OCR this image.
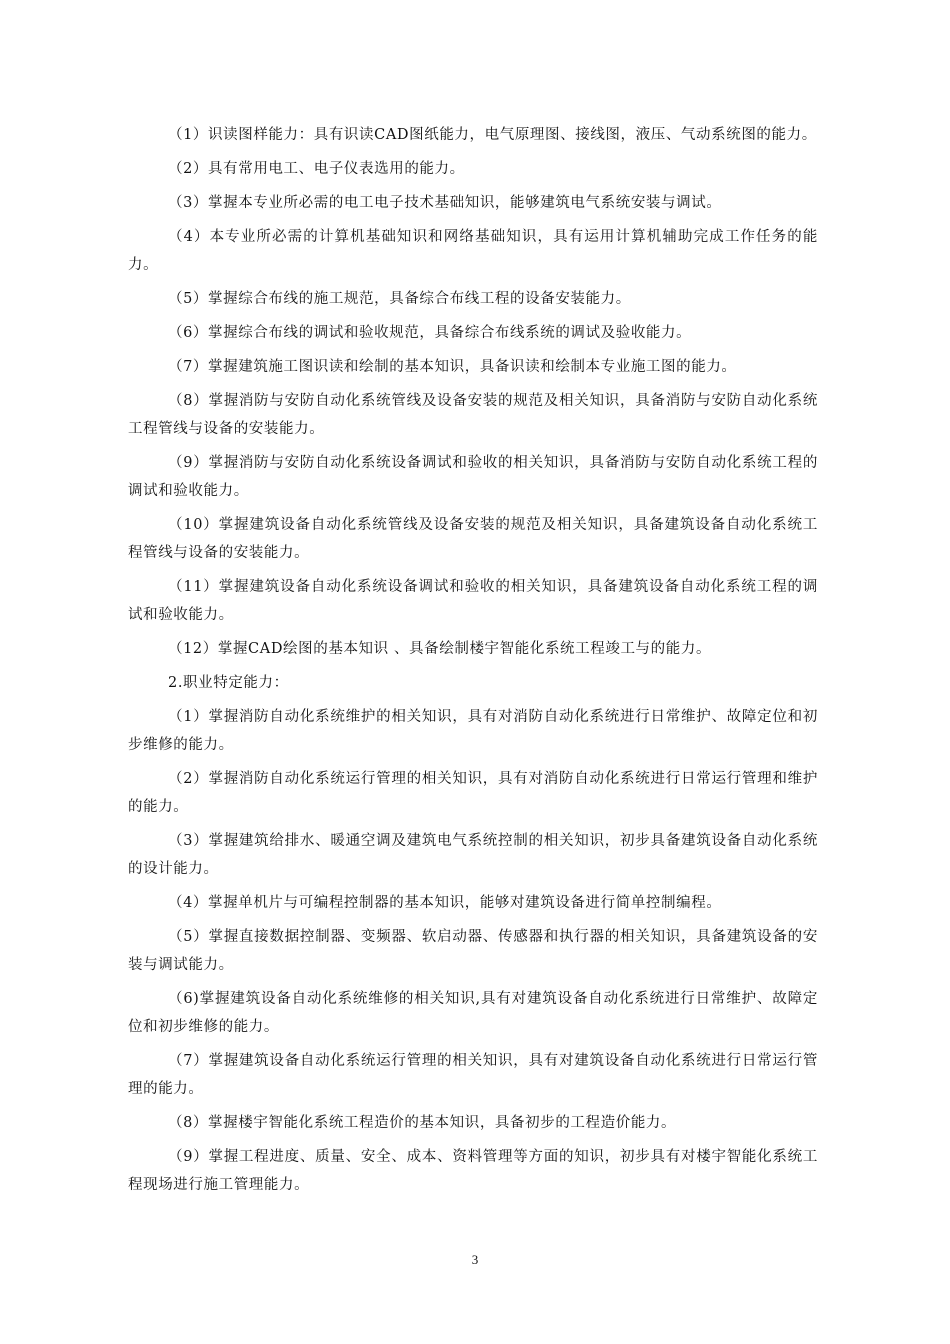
（1）识读图样能力：具有识读CAD图纸能力，电气原理图、接线图，液压、气动系统图的能力。

（2）具有常用电工、电子仪表选用的能力。

（3）掌握本专业所必需的电工电子技术基础知识，能够建筑电气系统安装与调试。

（4）本专业所必需的计算机基础知识和网络基础知识，具有运用计算机辅助完成工作任务的能力。

（5）掌握综合布线的施工规范，具备综合布线工程的设备安装能力。

（6）掌握综合布线的调试和验收规范，具备综合布线系统的调试及验收能力。

（7）掌握建筑施工图识读和绘制的基本知识，具备识读和绘制本专业施工图的能力。

（8）掌握消防与安防自动化系统管线及设备安装的规范及相关知识，具备消防与安防自动化系统工程管线与设备的安装能力。

（9）掌握消防与安防自动化系统设备调试和验收的相关知识，具备消防与安防自动化系统工程的调试和验收能力。

（10）掌握建筑设备自动化系统管线及设备安装的规范及相关知识，具备建筑设备自动化系统工程管线与设备的安装能力。

（11）掌握建筑设备自动化系统设备调试和验收的相关知识，具备建筑设备自动化系统工程的调试和验收能力。

（12）掌握CAD绘图的基本知识 、具备绘制楼宇智能化系统工程竣工与的能力。

2.职业特定能力：

（1）掌握消防自动化系统维护的相关知识，具有对消防自动化系统进行日常维护、故障定位和初步维修的能力。

（2）掌握消防自动化系统运行管理的相关知识，具有对消防自动化系统进行日常运行管理和维护的能力。

（3）掌握建筑给排水、暖通空调及建筑电气系统控制的相关知识，初步具备建筑设备自动化系统的设计能力。

（4）掌握单机片与可编程控制器的基本知识，能够对建筑设备进行简单控制编程。

（5）掌握直接数据控制器、变频器、软启动器、传感器和执行器的相关知识，具备建筑设备的安装与调试能力。

（6)掌握建筑设备自动化系统维修的相关知识,具有对建筑设备自动化系统进行日常维护、故障定位和初步维修的能力。

（7）掌握建筑设备自动化系统运行管理的相关知识，具有对建筑设备自动化系统进行日常运行管理的能力。

（8）掌握楼宇智能化系统工程造价的基本知识，具备初步的工程造价能力。

（9）掌握工程进度、质量、安全、成本、资料管理等方面的知识，初步具有对楼宇智能化系统工程现场进行施工管理能力。

3
